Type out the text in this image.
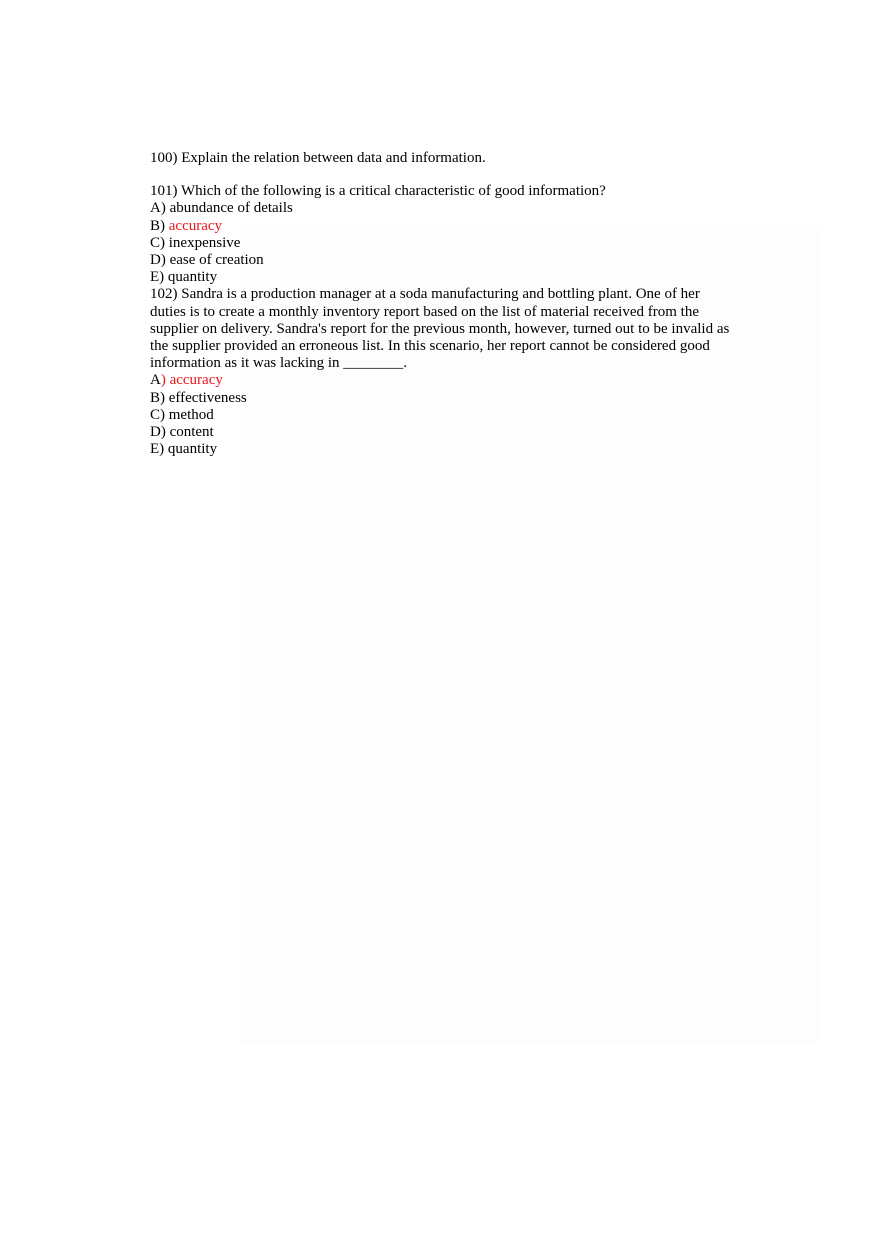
100) Explain the relation between data and information.

101) Which of the following is a critical characteristic of good information?

A) abundance of details

B) accuracy

C) inexpensive

D) ease of creation

E) quantity

102) Sandra is a production manager at a soda manufacturing and bottling plant. One of her

duties is to create a monthly inventory report based on the list of material received from the

supplier on delivery. Sandra's report for the previous month, however, turned out to be invalid as

the supplier provided an erroneous list. In this scenario, her report cannot be considered good

information as it was lacking in ________.

A) accuracy

B) effectiveness

C) method

D) content

E) quantity
